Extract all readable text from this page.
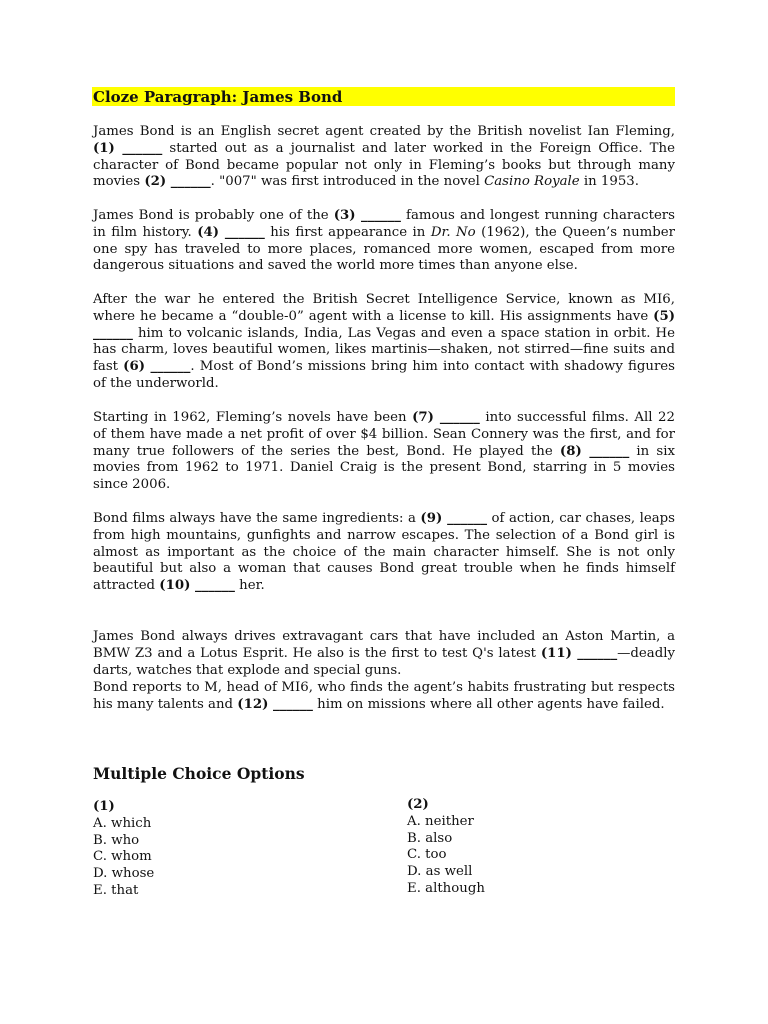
Cloze Paragraph: James Bond
James Bond is an English secret agent created by the British novelist Ian Fleming, (1) ______ started out as a journalist and later worked in the Foreign Office. The character of Bond became popular not only in Fleming’s books but through many movies (2) ______. "007" was first introduced in the novel Casino Royale in 1953.
James Bond is probably one of the (3) ______ famous and longest running characters in film history. (4) ______ his first appearance in Dr. No (1962), the Queen’s number one spy has traveled to more places, romanced more women, escaped from more dangerous situations and saved the world more times than anyone else.
After the war he entered the British Secret Intelligence Service, known as MI6, where he became a “double-0” agent with a license to kill. His assignments have (5) ______ him to volcanic islands, India, Las Vegas and even a space station in orbit. He has charm, loves beautiful women, likes martinis—shaken, not stirred—fine suits and fast (6) ______. Most of Bond’s missions bring him into contact with shadowy figures of the underworld.
Starting in 1962, Fleming’s novels have been (7) ______ into successful films. All 22 of them have made a net profit of over $4 billion. Sean Connery was the first, and for many true followers of the series the best, Bond. He played the (8) ______ in six movies from 1962 to 1971. Daniel Craig is the present Bond, starring in 5 movies since 2006.
Bond films always have the same ingredients: a (9) ______ of action, car chases, leaps from high mountains, gunfights and narrow escapes. The selection of a Bond girl is almost as important as the choice of the main character himself. She is not only beautiful but also a woman that causes Bond great trouble when he finds himself attracted (10) ______ her.
James Bond always drives extravagant cars that have included an Aston Martin, a BMW Z3 and a Lotus Esprit. He also is the first to test Q's latest (11) ______—deadly darts, watches that explode and special guns.
Bond reports to M, head of MI6, who finds the agent’s habits frustrating but respects his many talents and (12) ______ him on missions where all other agents have failed.
Multiple Choice Options
(1)
A. which
B. who
C. whom
D. whose
E. that
(2)
A. neither
B. also
C. too
D. as well
E. although
